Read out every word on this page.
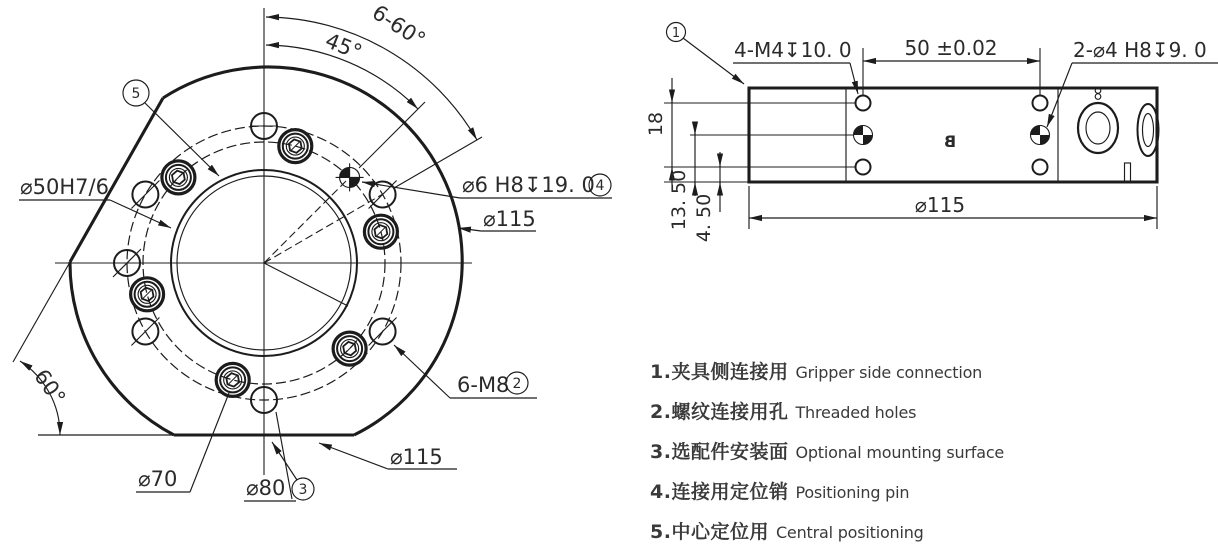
45° 6-60°
60°
⌀50H7/6	⌀6 H8↧19. 0 4
⌀115
6-M8 2
⌀70	⌀80
⌀115
3
5
B
18
13. 50 4. 50
50 ±0.02
4-M4↧10. 0	2-⌀4 H8↧9. 0
⌀115
1
1.夹具侧连接用 Gripper side connection
2.螺纹连接用孔 Threaded holes
3.选配件安装面 Optional mounting surface
4.连接用定位销 Positioning pin
5.中心定位用 Central positioning
